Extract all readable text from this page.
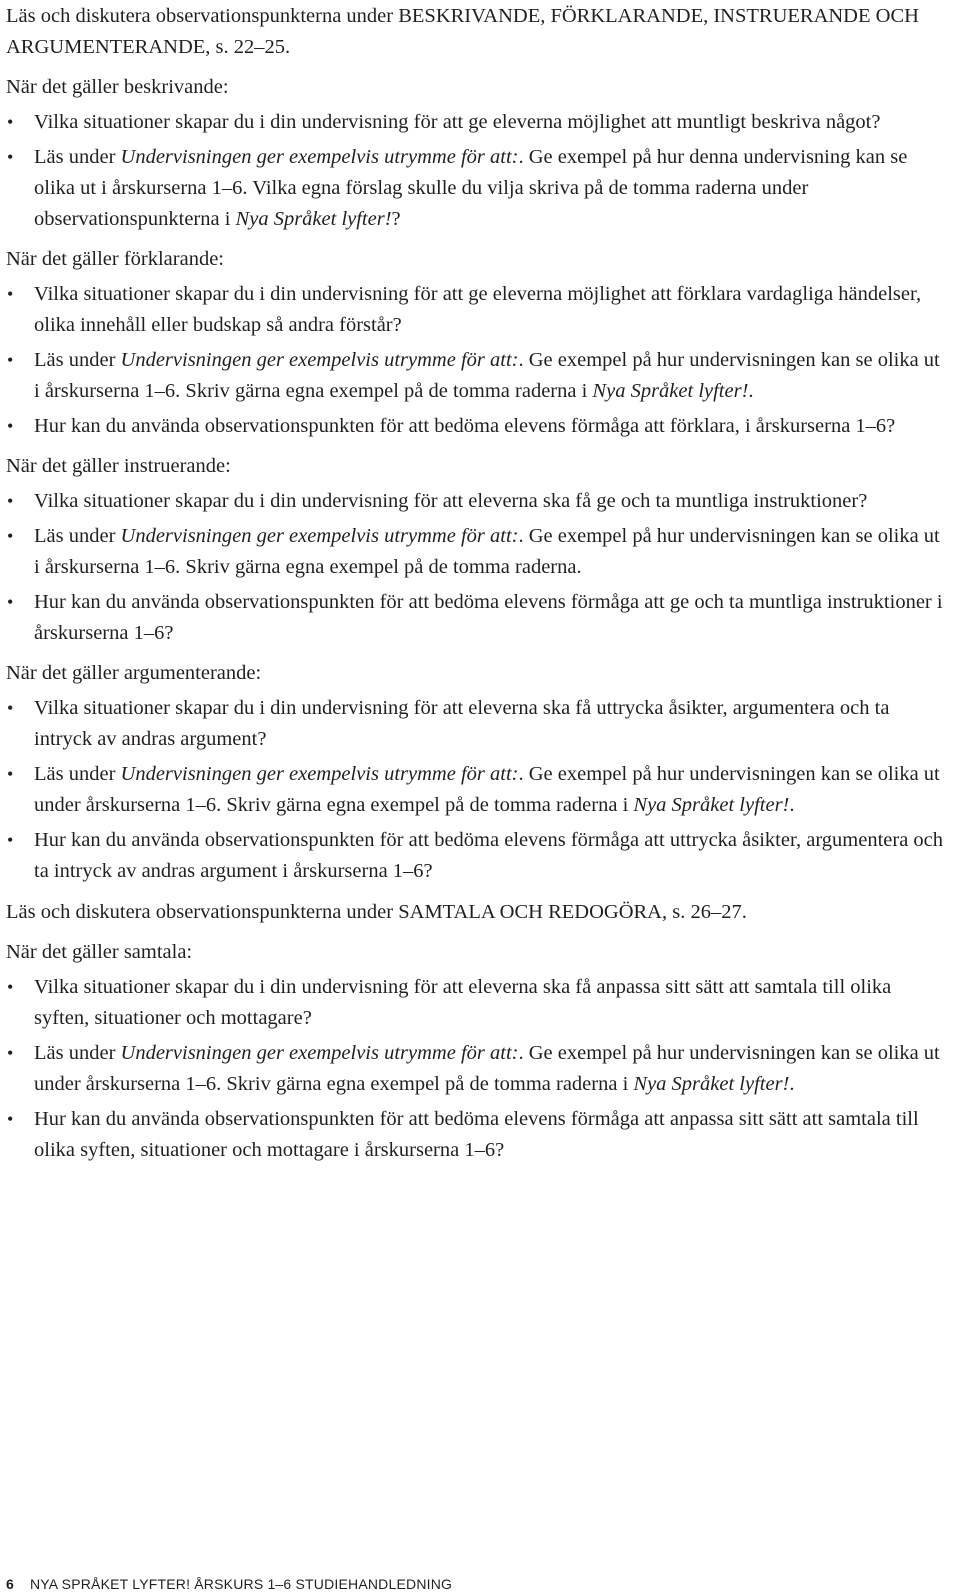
Läs och diskutera observationspunkterna under BESKRIVANDE, FÖRKLARANDE, INSTRUERANDE OCH ARGUMENTERANDE, s. 22–25.

När det gäller beskrivande:

• Vilka situationer skapar du i din undervisning för att ge eleverna möjlighet att muntligt beskriva något?
• Läs under Undervisningen ger exempelvis utrymme för att:. Ge exempel på hur denna undervisning kan se olika ut i årskurserna 1–6. Vilka egna förslag skulle du vilja skriva på de tomma raderna under observationspunkterna i Nya Språket lyfter!?

När det gäller förklarande:

• Vilka situationer skapar du i din undervisning för att ge eleverna möjlighet att förklara vardagliga händelser, olika innehåll eller budskap så andra förstår?
• Läs under Undervisningen ger exempelvis utrymme för att:. Ge exempel på hur undervisningen kan se olika ut i årskurserna 1–6. Skriv gärna egna exempel på de tomma raderna i Nya Språket lyfter!.
• Hur kan du använda observationspunkten för att bedöma elevens förmåga att förklara, i årskurserna 1–6?

När det gäller instruerande:

• Vilka situationer skapar du i din undervisning för att eleverna ska få ge och ta muntliga instruktioner?
• Läs under Undervisningen ger exempelvis utrymme för att:. Ge exempel på hur undervisningen kan se olika ut i årskurserna 1–6. Skriv gärna egna exempel på de tomma raderna.
• Hur kan du använda observationspunkten för att bedöma elevens förmåga att ge och ta muntliga instruktioner i årskurserna 1–6?

När det gäller argumenterande:

• Vilka situationer skapar du i din undervisning för att eleverna ska få uttrycka åsikter, argumentera och ta intryck av andras argument?
• Läs under Undervisningen ger exempelvis utrymme för att:. Ge exempel på hur undervisningen kan se olika ut under årskurserna 1–6. Skriv gärna egna exempel på de tomma raderna i Nya Språket lyfter!.
• Hur kan du använda observationspunkten för att bedöma elevens förmåga att uttrycka åsikter, argumentera och ta intryck av andras argument i årskurserna 1–6?

Läs och diskutera observationspunkterna under SAMTALA OCH REDOGÖRA, s. 26–27.

När det gäller samtala:

• Vilka situationer skapar du i din undervisning för att eleverna ska få anpassa sitt sätt att samtala till olika syften, situationer och mottagare?
• Läs under Undervisningen ger exempelvis utrymme för att:. Ge exempel på hur undervisningen kan se olika ut under årskurserna 1–6. Skriv gärna egna exempel på de tomma raderna i Nya Språket lyfter!.
• Hur kan du använda observationspunkten för att bedöma elevens förmåga att anpassa sitt sätt att samtala till olika syften, situationer och mottagare i årskurserna 1–6?
6 NYA SPRÅKET LYFTER! ÅRSKURS 1–6 STUDIEHANDLEDNING
